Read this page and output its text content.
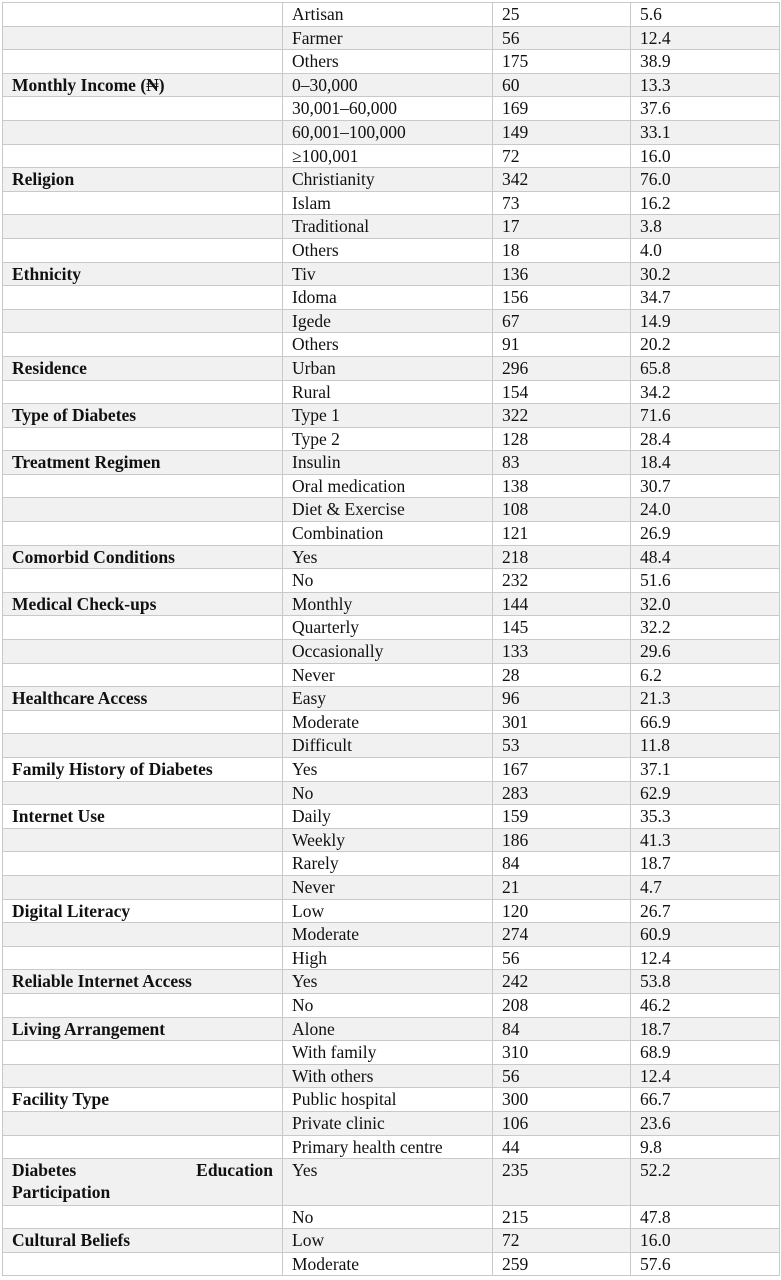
	Artisan	25	5.6
	Farmer	56	12.4
	Others	175	38.9
Monthly Income (₦)	0–30,000	60	13.3
	30,001–60,000	169	37.6
	60,001–100,000	149	33.1
	≥100,001	72	16.0
Religion	Christianity	342	76.0
	Islam	73	16.2
	Traditional	17	3.8
	Others	18	4.0
Ethnicity	Tiv	136	30.2
	Idoma	156	34.7
	Igede	67	14.9
	Others	91	20.2
Residence	Urban	296	65.8
	Rural	154	34.2
Type of Diabetes	Type 1	322	71.6
	Type 2	128	28.4
Treatment Regimen	Insulin	83	18.4
	Oral medication	138	30.7
	Diet & Exercise	108	24.0
	Combination	121	26.9
Comorbid Conditions	Yes	218	48.4
	No	232	51.6
Medical Check-ups	Monthly	144	32.0
	Quarterly	145	32.2
	Occasionally	133	29.6
	Never	28	6.2
Healthcare Access	Easy	96	21.3
	Moderate	301	66.9
	Difficult	53	11.8
Family History of Diabetes	Yes	167	37.1
	No	283	62.9
Internet Use	Daily	159	35.3
	Weekly	186	41.3
	Rarely	84	18.7
	Never	21	4.7
Digital Literacy	Low	120	26.7
	Moderate	274	60.9
	High	56	12.4
Reliable Internet Access	Yes	242	53.8
	No	208	46.2
Living Arrangement	Alone	84	18.7
	With family	310	68.9
	With others	56	12.4
Facility Type	Public hospital	300	66.7
	Private clinic	106	23.6
	Primary health centre	44	9.8

Diabetes Education
Participation	Yes	235	52.2
	No	215	47.8
Cultural Beliefs	Low	72	16.0
	Moderate	259	57.6
